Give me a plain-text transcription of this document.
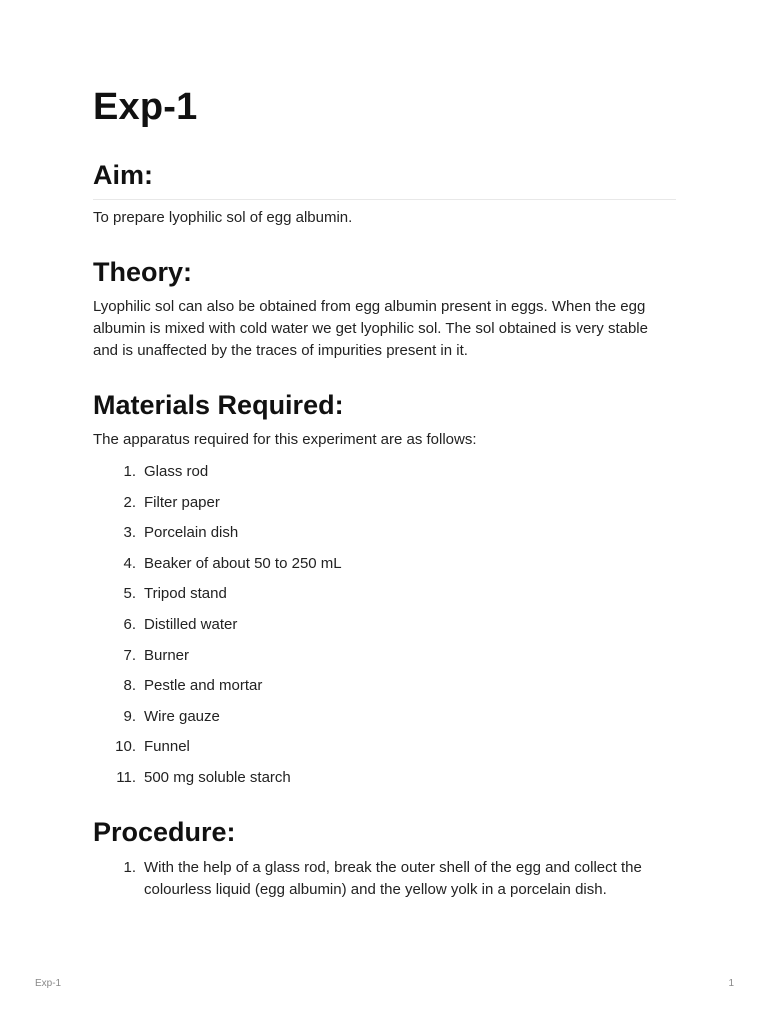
Exp-1
Aim:

To prepare lyophilic sol of egg albumin.

Theory:

Lyophilic sol can also be obtained from egg albumin present in eggs. When the egg albumin is mixed with cold water we get lyophilic sol. The sol obtained is very stable and is unaffected by the traces of impurities present in it.

Materials Required:

The apparatus required for this experiment are as follows:

1. Glass rod
2. Filter paper
3. Porcelain dish
4. Beaker of about 50 to 250 mL
5. Tripod stand
6. Distilled water
7. Burner
8. Pestle and mortar
9. Wire gauze
10. Funnel
11. 500 mg soluble starch
Procedure:
1. With the help of a glass rod, break the outer shell of the egg and collect the colourless liquid (egg albumin) and the yellow yolk in a porcelain dish.
Exp-1	1
